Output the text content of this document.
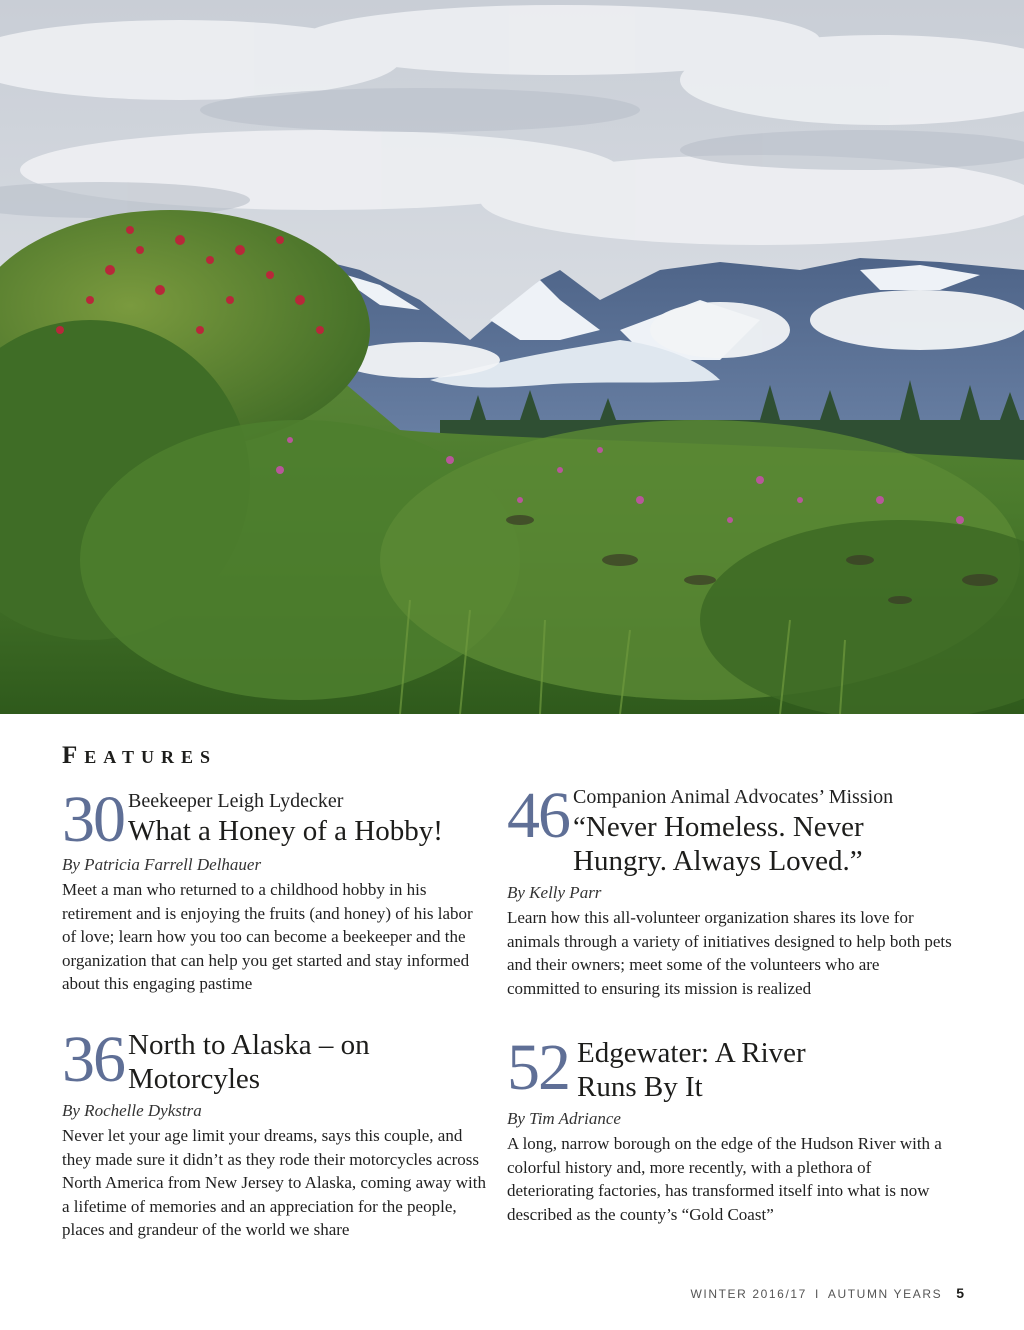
Features
30 Beekeeper Leigh Lydecker
What a Honey of a Hobby!
By Patricia Farrell Delhauer
Meet a man who returned to a childhood hobby in his retirement and is enjoying the fruits (and honey) of his labor of love; learn how you too can become a beekeeper and the organization that can help you get started and stay informed about this engaging pastime
36 North to Alaska – on Motorcyles
By Rochelle Dykstra
Never let your age limit your dreams, says this couple, and they made sure it didn’t as they rode their motorcycles across North America from New Jersey to Alaska, coming away with a lifetime of memories and an appreciation for the people, places and grandeur of the world we share
46 Companion Animal Advocates’ Mission
“Never Homeless. Never Hungry. Always Loved.”
By Kelly Parr
Learn how this all-volunteer organization shares its love for animals through a variety of initiatives designed to help both pets and their owners; meet some of the volunteers who are committed to ensuring its mission is realized
52 Edgewater: A River Runs By It
By Tim Adriance
A long, narrow borough on the edge of the Hudson River with a colorful history and, more recently, with a plethora of deteriorating factories, has transformed itself into what is now described as the county’s “Gold Coast”
WINTER 2016/17 I AUTUMN YEARS 5
